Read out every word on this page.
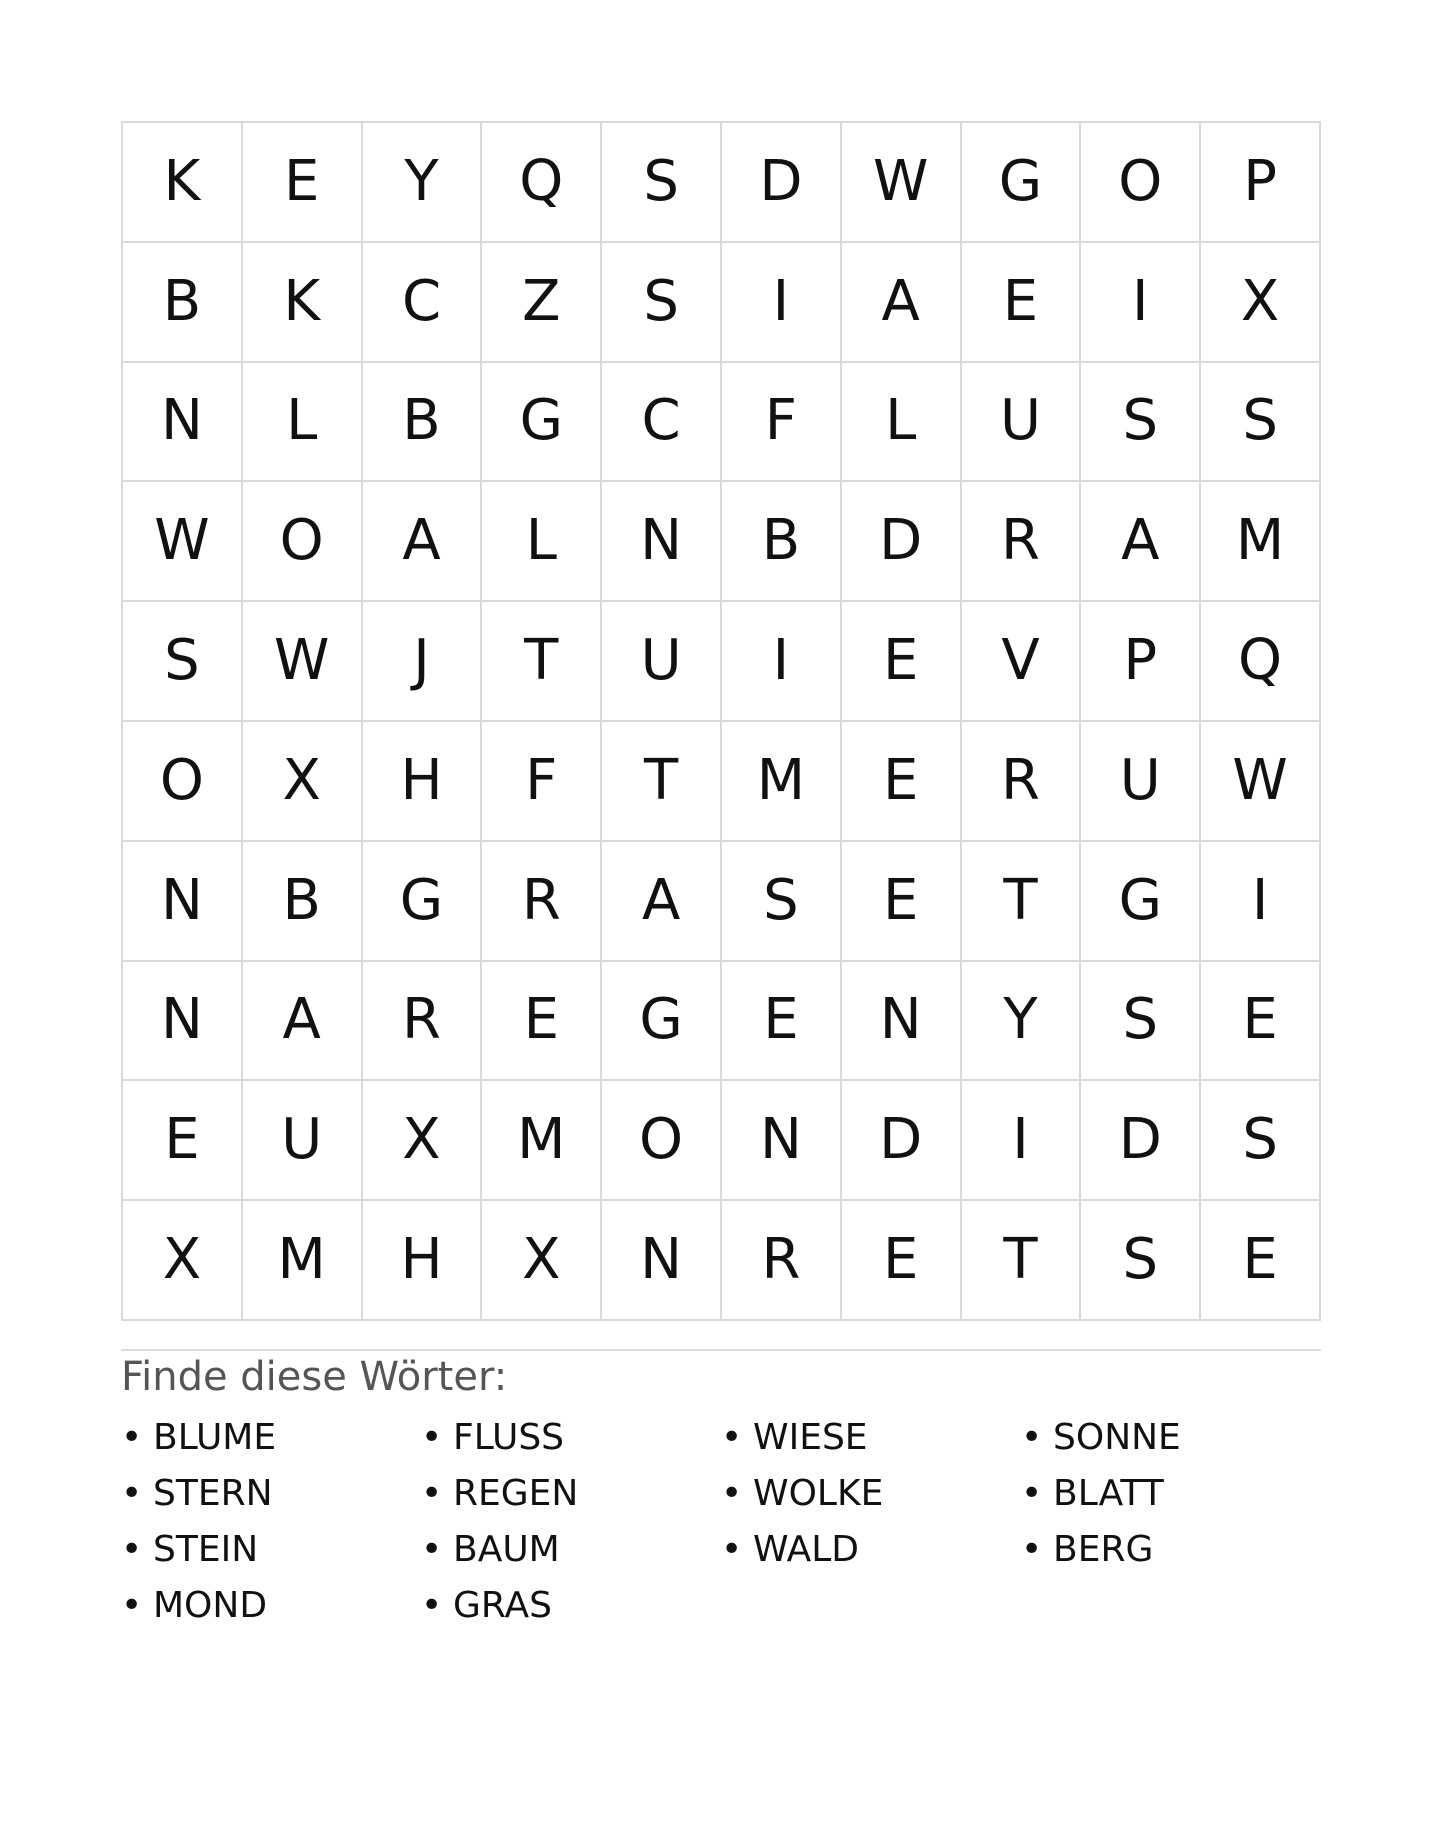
K	E	Y	Q	S	D	W	G	O	P
B	K	C	Z	S	I	A	E	I	X
N	L	B	G	C	F	L	U	S	S
W	O	A	L	N	B	D	R	A	M
S	W	J	T	U	I	E	V	P	Q
O	X	H	F	T	M	E	R	U	W
N	B	G	R	A	S	E	T	G	I
N	A	R	E	G	E	N	Y	S	E
E	U	X	M	O	N	D	I	D	S
X	M	H	X	N	R	E	T	S	E
Finde diese Wörter:
• BLUME	• FLUSS	• WIESE	• SONNE
• STERN	• REGEN	• WOLKE	• BLATT
• STEIN	• BAUM	• WALD	• BERG
• MOND	• GRAS
